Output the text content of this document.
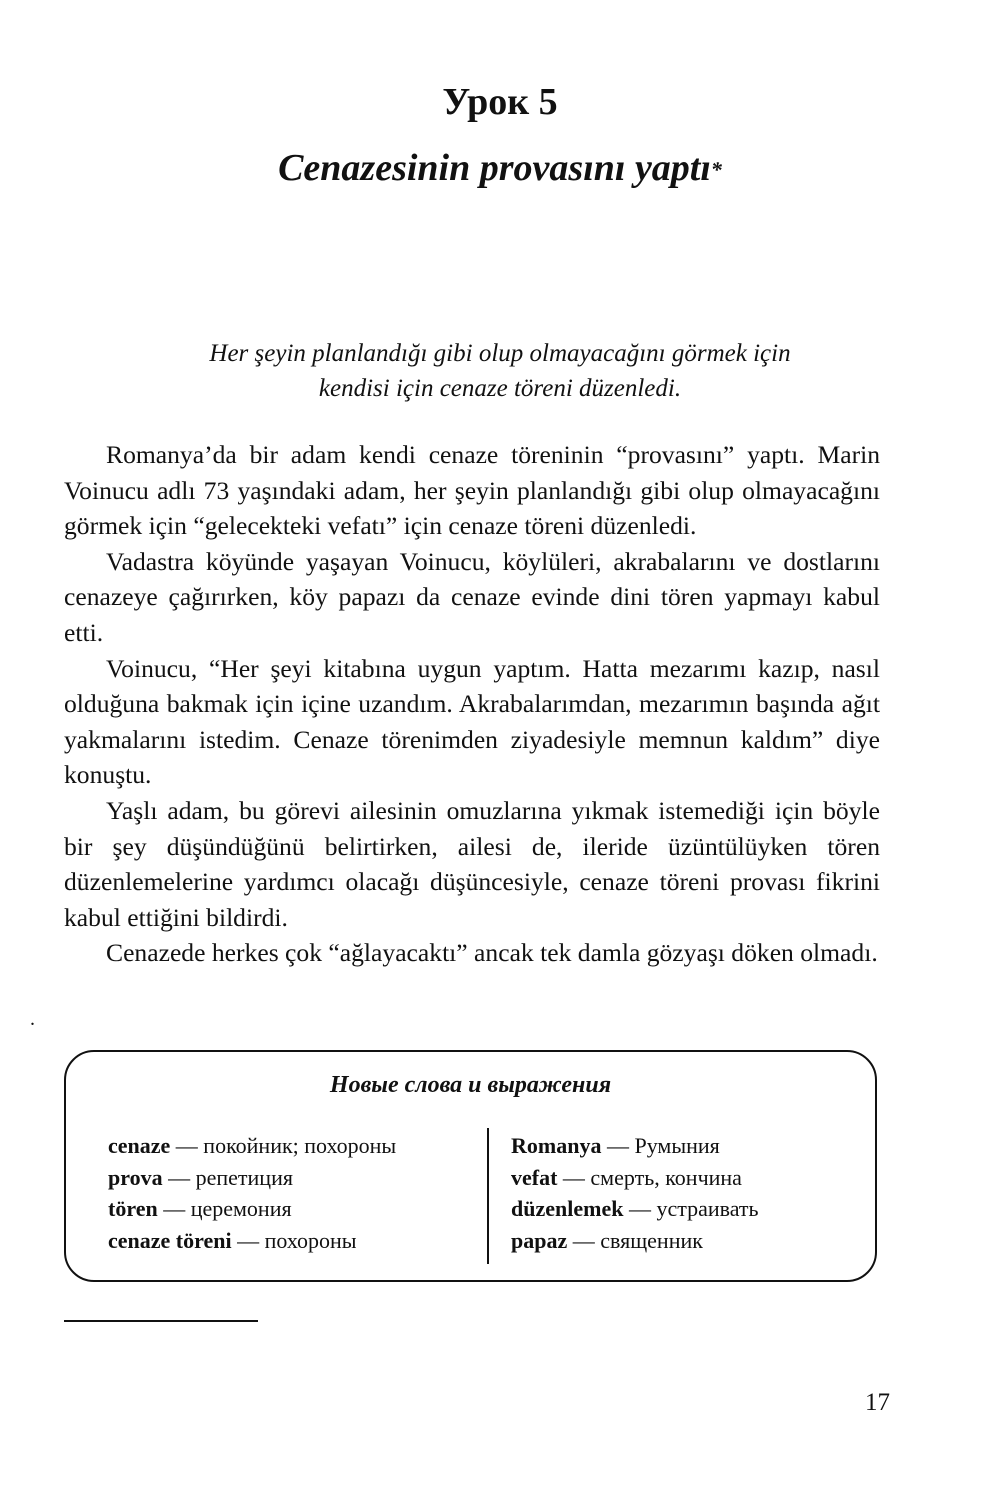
Урок 5
Cenazesinin provasını yaptı*
Her şeyin planlandığı gibi olup olmayacağını görmek için
kendisi için cenaze töreni düzenledi.

Romanya’da bir adam kendi cenaze töreninin “provasını” yaptı. Marin Voinucu adlı 73 yaşındaki adam, her şeyin planlandığı gibi olup olmayacağını görmek için “gelecekteki vefatı” için cenaze töreni düzenledi.

Vadastra köyünde yaşayan Voinucu, köylüleri, akrabalarını ve dostlarını cenazeye çağırırken, köy papazı da cenaze evinde dini tören yapmayı kabul etti.

Voinucu, “Her şeyi kitabına uygun yaptım. Hatta mezarımı kazıp, nasıl olduğuna bakmak için içine uzandım. Akrabalarımdan, mezarımın başında ağıt yakmalarını istedim. Cenaze törenimden ziyadesiyle memnun kaldım” diye konuştu.

Yaşlı adam, bu görevi ailesinin omuzlarına yıkmak istemediği için böyle bir şey düşündüğünü belirtirken, ailesi de, ileride üzüntülüyken tören düzenlemelerine yardımcı olacağı düşüncesiyle, cenaze töreni provası fikrini kabul ettiğini bildirdi.

Cenazede herkes çok “ağlayacaktı” ancak tek damla gözyaşı döken olmadı.

.
Новые слова и выражения
cenaze — покойник; похороны
prova — репетиция
tören — церемония
cenaze töreni — похороны
Romanya — Румыния
vefat — смерть, кончина
düzenlemek — устраивать
papaz — священник
17
